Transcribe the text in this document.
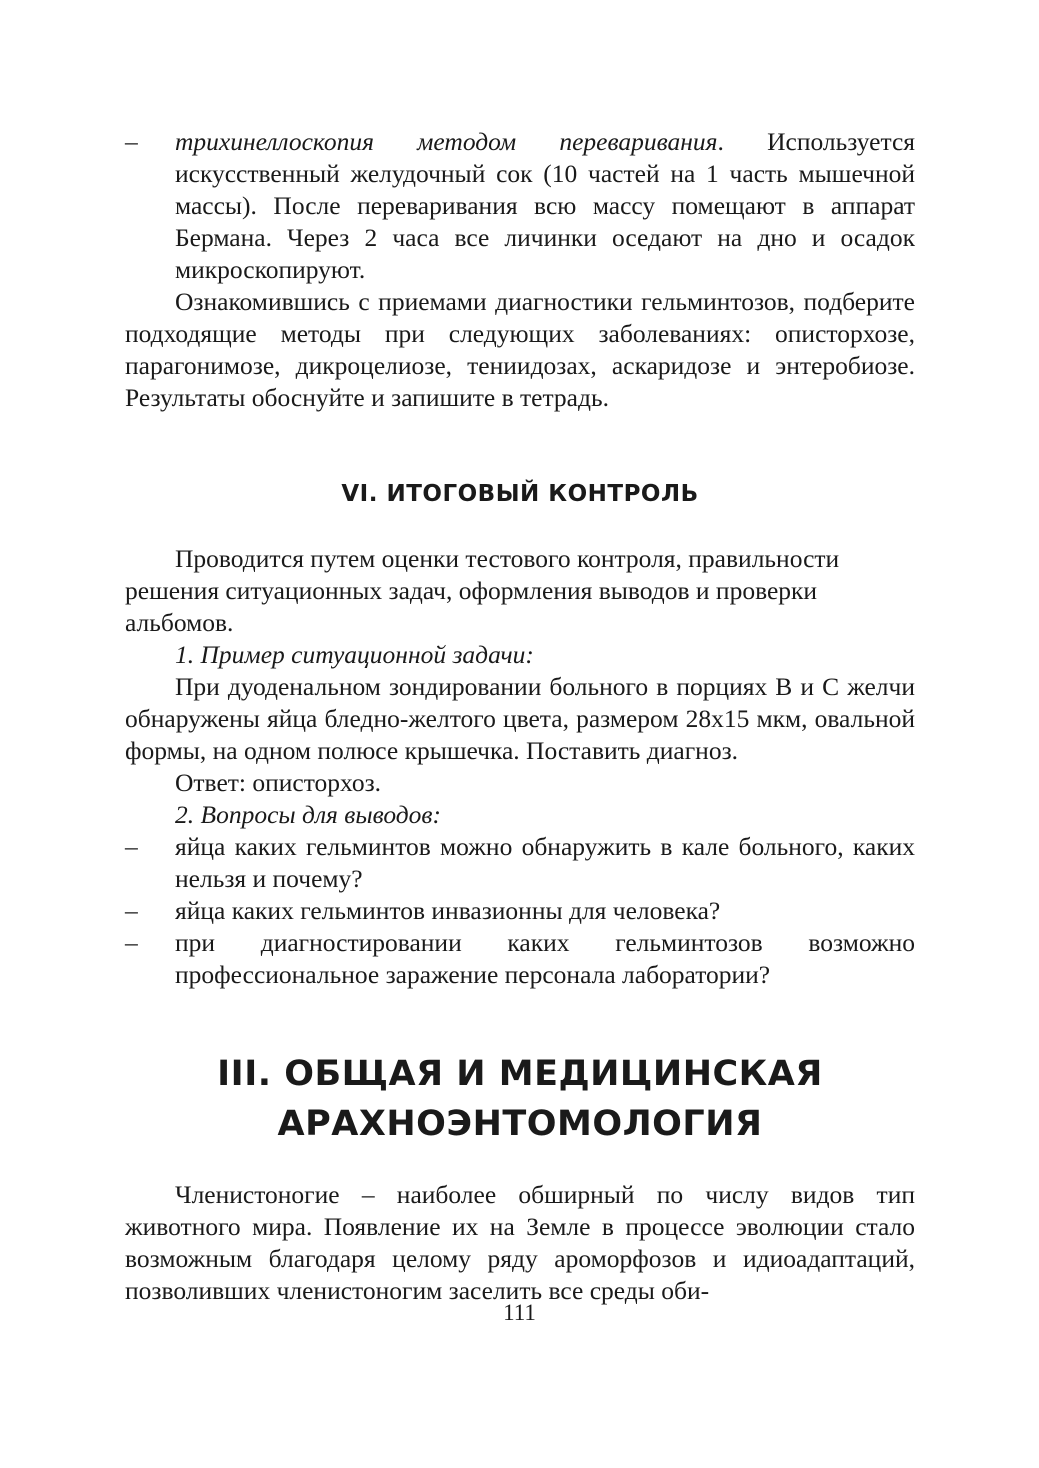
– трихинеллоскопия методом переваривания. Используется искусственный желудочный сок (10 частей на 1 часть мышечной массы). После переваривания всю массу помещают в аппарат Бермана. Через 2 часа все личинки оседают на дно и осадок микроскопируют.

Ознакомившись с приемами диагностики гельминтозов, подберите подходящие методы при следующих заболеваниях: описторхозе, парагонимозе, дикроцелиозе, тениидозах, аскаридозе и энтеробиозе. Результаты обоснуйте и запишите в тетрадь.

VI. ИТОГОВЫЙ КОНТРОЛЬ

Проводится путем оценки тестового контроля, правильности решения ситуационных задач, оформления выводов и проверки альбомов.

1. Пример ситуационной задачи:

При дуоденальном зондировании больного в порциях В и С желчи обнаружены яйца бледно-желтого цвета, размером 28х15 мкм, овальной формы, на одном полюсе крышечка. Поставить диагноз.

Ответ: описторхоз.

2. Вопросы для выводов:

– яйца каких гельминтов можно обнаружить в кале больного, каких нельзя и почему?

– яйца каких гельминтов инвазионны для человека?

– при диагностировании каких гельминтозов возможно профессиональное заражение персонала лаборатории?

III. ОБЩАЯ И МЕДИЦИНСКАЯ
АРАХНОЭНТОМОЛОГИЯ

Членистоногие – наиболее обширный по числу видов тип животного мира. Появление их на Земле в процессе эволюции стало возможным благодаря целому ряду ароморфозов и идиоадаптаций, позволивших членистоногим заселить все среды оби-

111
